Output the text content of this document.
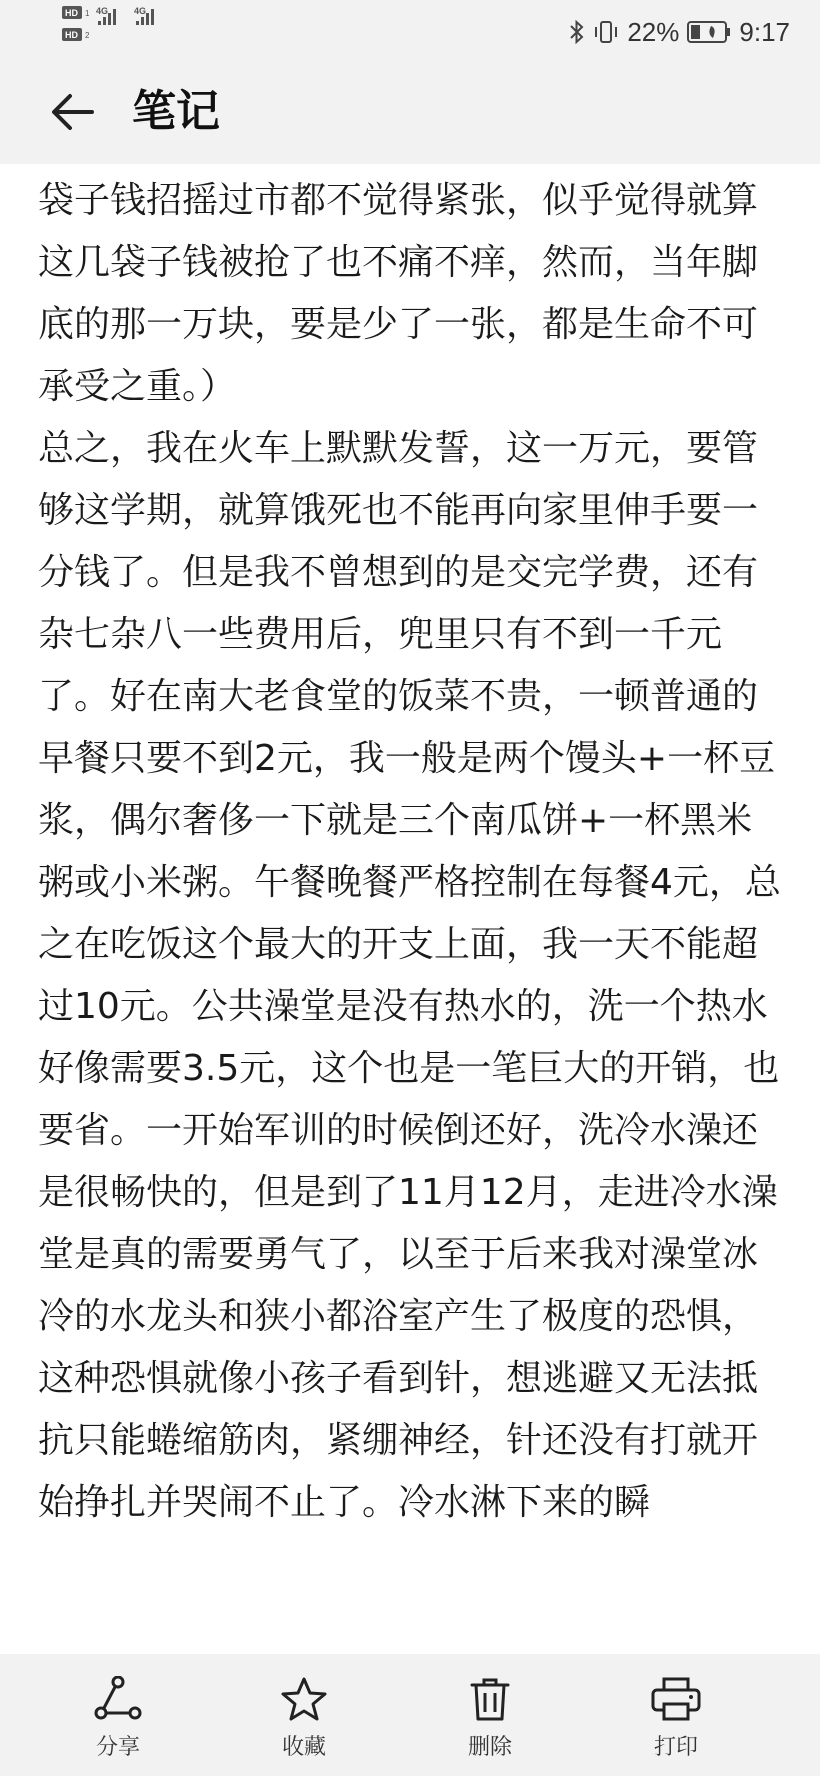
HD 1 4G
HD 2
4G
22% 9:17
笔记

袋子钱招摇过市都不觉得紧张，似乎觉得就算这几袋子钱被抢了也不痛不痒，然而，当年脚底的那一万块，要是少了一张，都是生命不可承受之重。）
总之，我在火车上默默发誓，这一万元，要管够这学期，就算饿死也不能再向家里伸手要一分钱了。但是我不曾想到的是交完学费，还有杂七杂八一些费用后，兜里只有不到一千元了。好在南大老食堂的饭菜不贵，一顿普通的早餐只要不到2元，我一般是两个馒头+一杯豆浆，偶尔奢侈一下就是三个南瓜饼+一杯黑米粥或小米粥。午餐晚餐严格控制在每餐4元，总之在吃饭这个最大的开支上面，我一天不能超过10元。公共澡堂是没有热水的，洗一个热水好像需要3.5元，这个也是一笔巨大的开销，也要省。一开始军训的时候倒还好，洗冷水澡还是很畅快的，但是到了11月12月，走进冷水澡堂是真的需要勇气了，以至于后来我对澡堂冰冷的水龙头和狭小都浴室产生了极度的恐惧，这种恐惧就像小孩子看到针，想逃避又无法抵抗只能蜷缩筋肉，紧绷神经，针还没有打就开始挣扎并哭闹不止了。冷水淋下来的瞬

分享	收藏	删除	打印
